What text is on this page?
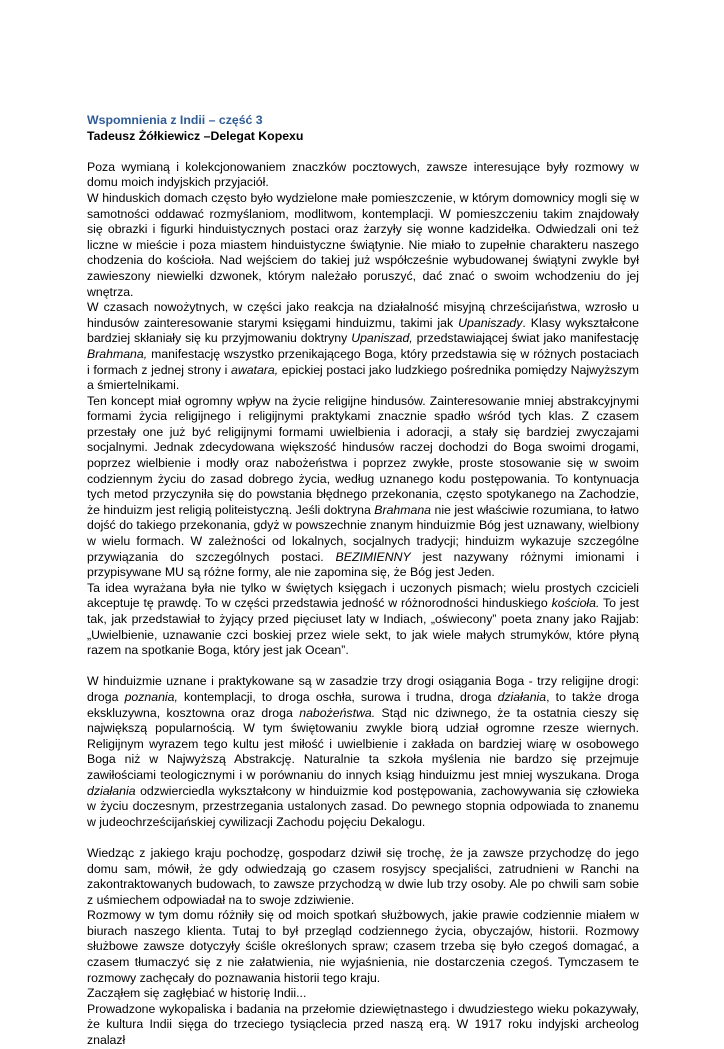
Wspomnienia z Indii – część 3

Tadeusz Żółkiewicz –Delegat Kopexu

Poza wymianą i kolekcjonowaniem znaczków pocztowych, zawsze interesujące były rozmowy w domu moich indyjskich przyjaciół.

W hinduskich domach często było wydzielone małe pomieszczenie, w którym domownicy mogli się w samotności oddawać rozmyślaniom, modlitwom, kontemplacji. W pomieszczeniu takim znajdowały się obrazki i figurki hinduistycznych postaci oraz żarzyły się wonne kadzidełka. Odwiedzali oni też liczne w mieście i poza miastem hinduistyczne świątynie. Nie miało to zupełnie charakteru naszego chodzenia do kościoła. Nad wejściem do takiej już współcześnie wybudowanej świątyni zwykle był zawieszony niewielki dzwonek, którym należało poruszyć, dać znać o swoim wchodzeniu do jej wnętrza.

W czasach nowożytnych, w części jako reakcja na działalność misyjną chrześcijaństwa, wzrosło u hindusów zainteresowanie starymi księgami hinduizmu, takimi jak Upaniszady. Klasy wykształcone bardziej skłaniały się ku przyjmowaniu doktryny Upaniszad, przedstawiającej świat jako manifestację Brahmana, manifestację wszystko przenikającego Boga, który przedstawia się w różnych postaciach i formach z jednej strony i awatara, epickiej postaci jako ludzkiego pośrednika pomiędzy Najwyższym a śmiertelnikami.

Ten koncept miał ogromny wpływ na życie religijne hindusów. Zainteresowanie mniej abstrakcyjnymi formami życia religijnego i religijnymi praktykami znacznie spadło wśród tych klas. Z czasem przestały one już być religijnymi formami uwielbienia i adoracji, a stały się bardziej zwyczajami socjalnymi. Jednak zdecydowana większość hindusów raczej dochodzi do Boga swoimi drogami, poprzez wielbienie i modły oraz nabożeństwa i poprzez zwykłe, proste stosowanie się w swoim codziennym życiu do zasad dobrego życia, według uznanego kodu postępowania. To kontynuacja tych metod przyczyniła się do powstania błędnego przekonania, często spotykanego na Zachodzie, że hinduizm jest religią politeistyczną. Jeśli doktryna Brahmana nie jest właściwie rozumiana, to łatwo dojść do takiego przekonania, gdyż w powszechnie znanym hinduizmie Bóg jest uznawany, wielbiony w wielu formach. W zależności od lokalnych, socjalnych tradycji; hinduizm wykazuje szczególne przywiązania do szczególnych postaci. BEZIMIENNY jest nazywany różnymi imionami i przypisywane MU są różne formy, ale nie zapomina się, że Bóg jest Jeden.

Ta idea wyrażana była nie tylko w świętych księgach i uczonych pismach; wielu prostych czcicieli akceptuje tę prawdę. To w części przedstawia jedność w różnorodności hinduskiego kościoła. To jest tak, jak przedstawiał to żyjący przed pięciuset laty w Indiach, „oświecony” poeta znany jako Rajjab: „Uwielbienie, uznawanie czci boskiej przez wiele sekt, to jak wiele małych strumyków, które płyną razem na spotkanie Boga, który jest jak Ocean”.

W hinduizmie uznane i praktykowane są w zasadzie trzy drogi osiągania Boga - trzy religijne drogi: droga poznania, kontemplacji, to droga oschła, surowa i trudna, droga działania, to także droga ekskluzywna, kosztowna oraz droga nabożeństwa. Stąd nic dziwnego, że ta ostatnia cieszy się największą popularnością. W tym świętowaniu zwykle biorą udział ogromne rzesze wiernych. Religijnym wyrazem tego kultu jest miłość i uwielbienie i zakłada on bardziej wiarę w osobowego Boga niż w Najwyższą Abstrakcję. Naturalnie ta szkoła myślenia nie bardzo się przejmuje zawiłościami teologicznymi i w porównaniu do innych ksiąg hinduizmu jest mniej wyszukana. Droga działania odzwierciedla wykształcony w hinduizmie kod postępowania, zachowywania się człowieka w życiu doczesnym, przestrzegania ustalonych zasad. Do pewnego stopnia odpowiada to znanemu w judeochrześcijańskiej cywilizacji Zachodu pojęciu Dekalogu.

Wiedząc z jakiego kraju pochodzę, gospodarz dziwił się trochę, że ja zawsze przychodzę do jego domu sam, mówił, że gdy odwiedzają go czasem rosyjscy specjaliści, zatrudnieni w Ranchi na zakontraktowanych budowach, to zawsze przychodzą w dwie lub trzy osoby. Ale po chwili sam sobie z uśmiechem odpowiadał na to swoje zdziwienie.

Rozmowy w tym domu różniły się od moich spotkań służbowych, jakie prawie codziennie miałem w biurach naszego klienta. Tutaj to był przegląd codziennego życia, obyczajów, historii. Rozmowy służbowe zawsze dotyczyły ściśle określonych spraw; czasem trzeba się było czegoś domagać, a czasem tłumaczyć się z nie załatwienia, nie wyjaśnienia, nie dostarczenia czegoś. Tymczasem te rozmowy zachęcały do poznawania historii tego kraju.

Zacząłem się zagłębiać w historię Indii...

Prowadzone wykopaliska i badania na przełomie dziewiętnastego i dwudziestego wieku pokazywały, że kultura Indii sięga do trzeciego tysiąclecia przed naszą erą. W 1917 roku indyjski archeolog znalazł
